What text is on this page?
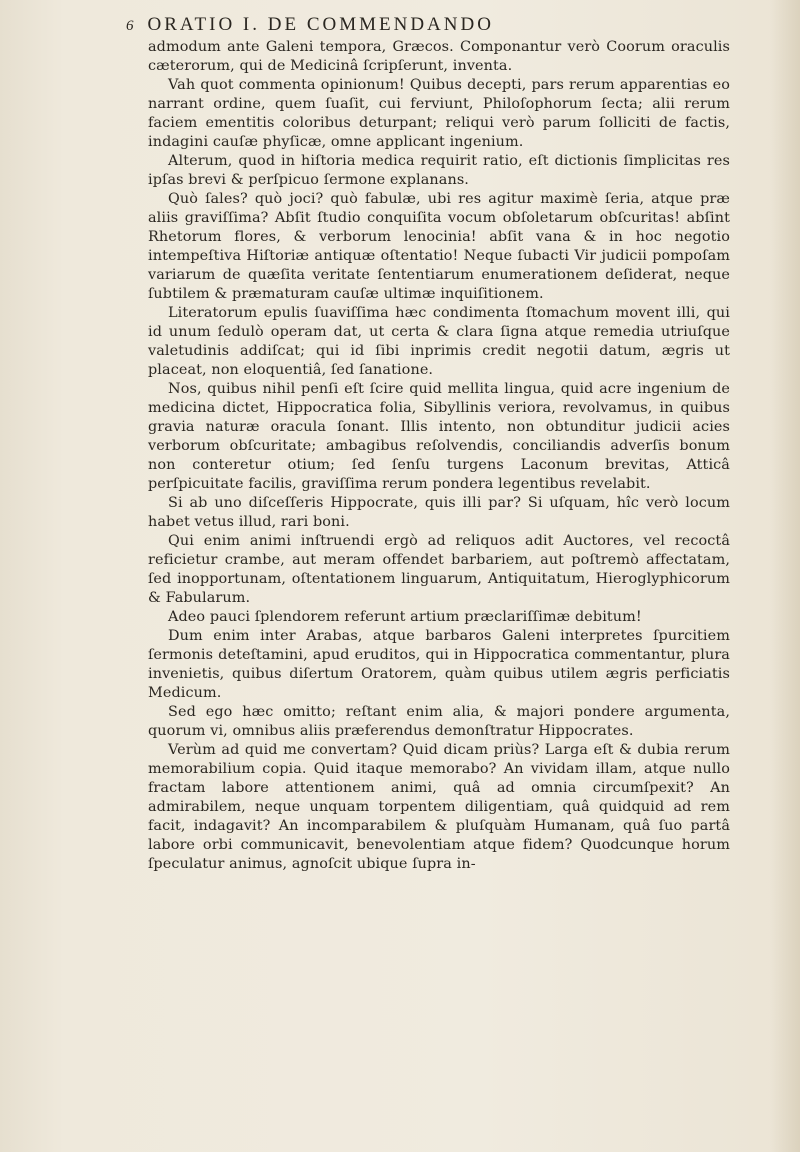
6 ORATIO I. DE COMMENDANDO

admodum ante Galeni tempora, Græcos. Componantur verò Coorum oraculis cæterorum, qui de Medicinâ ſcripſerunt, inventa.

Vah quot commenta opinionum! Quibus decepti, pars rerum apparentias eo narrant ordine, quem ſuaſit, cui ferviunt, Philoſophorum ſecta; alii rerum faciem ementitis coloribus deturpant; reliqui verò parum ſolliciti de factis, indagini cauſæ phyſicæ, omne applicant ingenium.

Alterum, quod in hiſtoria medica requirit ratio, eſt dictionis ſimplicitas res ipſas brevi & perſpicuo ſermone explanans.

Quò ſales? quò joci? quò fabulæ, ubi res agitur maximè ſeria, atque præ aliis graviſſima? Abſit ſtudio conquiſita vocum obſoletarum obſcuritas! abſint Rhetorum flores, & verborum lenocinia! abſit vana & in hoc negotio intempeſtiva Hiſtoriæ antiquæ oſtentatio! Neque ſubacti Vir judicii pompoſam variarum de quæſita veritate ſententiarum enumerationem deſiderat, neque ſubtilem & præmaturam cauſæ ultimæ inquiſitionem.

Literatorum epulis ſuaviſſima hæc condimenta ſtomachum movent illi, qui id unum ſedulò operam dat, ut certa & clara ſigna atque remedia utriuſque valetudinis addiſcat; qui id ſibi inprimis credit negotii datum, ægris ut placeat, non eloquentiâ, ſed ſanatione.

Nos, quibus nihil penſi eſt ſcire quid mellita lingua, quid acre ingenium de medicina dictet, Hippocratica folia, Sibyllinis veriora, revolvamus, in quibus gravia naturæ oracula ſonant. Illis intento, non obtunditur judicii acies verborum obſcuritate; ambagibus reſolvendis, conciliandis adverſis bonum non conteretur otium; ſed ſenſu turgens Laconum brevitas, Atticâ perſpicuitate facilis, graviſſima rerum pondera legentibus revelabit.

Si ab uno diſceſſeris Hippocrate, quis illi par? Si uſquam, hîc verò locum habet vetus illud, rari boni.

Qui enim animi inſtruendi ergò ad reliquos adit Auctores, vel recoctâ reficietur crambe, aut meram offendet barbariem, aut poſtremò affectatam, ſed inopportunam, oſtentationem linguarum, Antiquitatum, Hieroglyphicorum & Fabularum.

Adeo pauci ſplendorem referunt artium præclariſſimæ debitum!

Dum enim inter Arabas, atque barbaros Galeni interpretes ſpurcitiem ſermonis deteſtamini, apud eruditos, qui in Hippocratica commentantur, plura invenietis, quibus diſertum Oratorem, quàm quibus utilem ægris perficiatis Medicum.

Sed ego hæc omitto; reſtant enim alia, & majori pondere argumenta, quorum vi, omnibus aliis præferendus demonſtratur Hippocrates.

Verùm ad quid me convertam? Quid dicam priùs? Larga eſt & dubia rerum memorabilium copia. Quid itaque memorabo? An vividam illam, atque nullo fractam labore attentionem animi, quâ ad omnia circumſpexit? An admirabilem, neque unquam torpentem diligentiam, quâ quidquid ad rem facit, indagavit? An incomparabilem & pluſquàm Humanam, quâ ſuo partâ labore orbi communicavit, benevolentiam atque fidem? Quodcunque horum ſpeculatur animus, agnoſcit ubique ſupra in-
